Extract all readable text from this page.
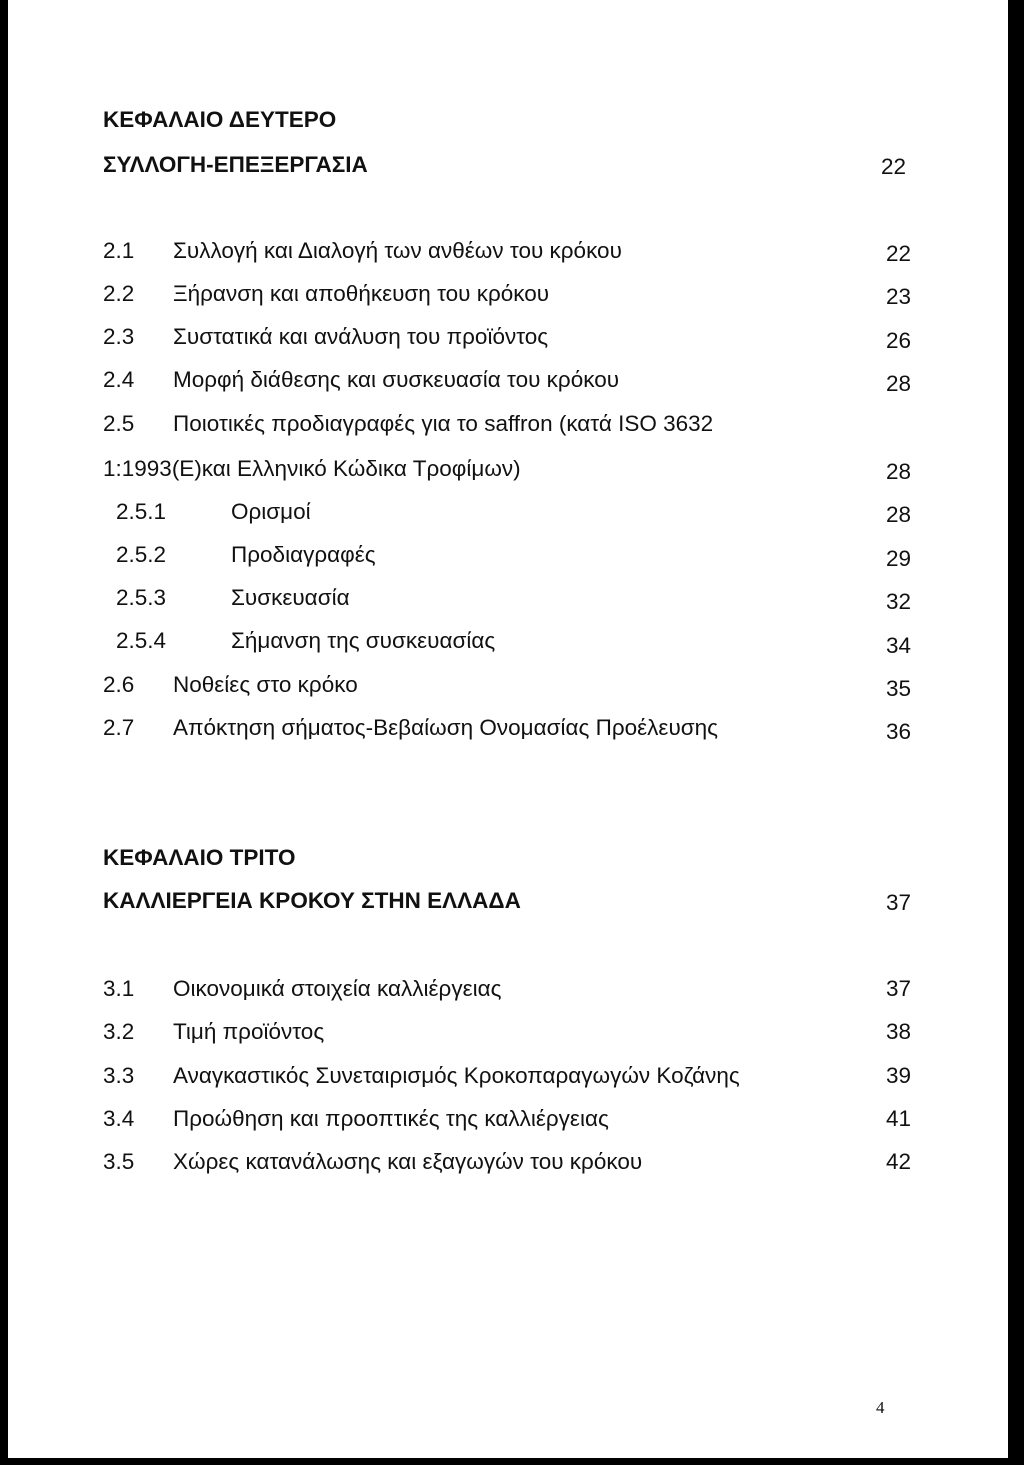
ΚΕΦΑΛΑΙΟ ΔΕΥΤΕΡΟ
ΣΥΛΛΟΓΗ-ΕΠΕΞΕΡΓΑΣΙΑ	22
2.1 Συλλογή και Διαλογή των ανθέων του κρόκου	22
2.2 Ξήρανση και αποθήκευση του κρόκου	23
2.3 Συστατικά και ανάλυση του προϊόντος	26
2.4 Μορφή διάθεσης και συσκευασία του κρόκου	28
2.5 Ποιοτικές προδιαγραφές για το saffron (κατά ISO 3632
1:1993(Ε)και Ελληνικό Κώδικα Τροφίμων)	28
2.5.1	Ορισμοί	28
2.5.2	Προδιαγραφές	29
2.5.3	Συσκευασία	32
2.5.4	Σήμανση της συσκευασίας	34
2.6 Νοθείες στο κρόκο	35
2.7 Απόκτηση σήματος-Βεβαίωση Ονομασίας Προέλευσης	36
ΚΕΦΑΛΑΙΟ ΤΡΙΤΟ
ΚΑΛΛΙΕΡΓΕΙΑ ΚΡΟΚΟΥ ΣΤΗΝ ΕΛΛΑΔΑ	37
3.1 Οικονομικά στοιχεία καλλιέργειας	37
3.2 Τιμή προϊόντος	38
3.3 Αναγκαστικός Συνεταιρισμός Κροκοπαραγωγών Κοζάνης	39
3.4 Προώθηση και προοπτικές της καλλιέργειας	41
3.5 Χώρες κατανάλωσης και εξαγωγών του κρόκου	42
4
